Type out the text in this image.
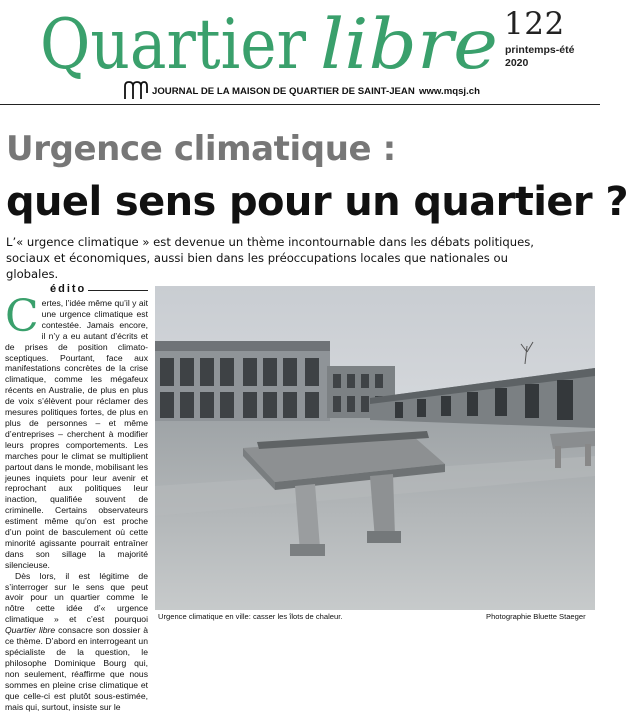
Quartier libre 122
printemps-été
2020
JOURNAL DE LA MAISON DE QUARTIER DE SAINT-JEAN www.mqsj.ch
Urgence climatique :
quel sens pour un quartier ?
L’« urgence climatique » est devenue un thème incontournable dans les débats politiques, sociaux et économiques, aussi bien dans les préoccupations locales que nationales ou globales.
édito

Certes, l’idée même qu’il y ait une urgence climatique est contestée. Jamais encore, il n’y a eu autant d’écrits et de prises de position climato-sceptiques. Pourtant, face aux manifestations concrètes de la crise climatique, comme les mégafeux récents en Australie, de plus en plus de voix s’élèvent pour réclamer des mesures politiques fortes, de plus en plus de personnes – et même d’entreprises – cherchent à modifier leurs propres comportements. Les marches pour le climat se multiplient partout dans le monde, mobilisant les jeunes inquiets pour leur avenir et reprochant aux politiques leur inaction, qualifiée souvent de criminelle. Certains observateurs estiment même qu’on est proche d’un point de basculement où cette minorité agissante pourrait entraîner dans son sillage la majorité silencieuse.

Dès lors, il est légitime de s’interroger sur le sens que peut avoir pour un quartier comme le nôtre cette idée d’« urgence climatique » et c’est pourquoi Quartier libre consacre son dossier à ce thème. D’abord en interrogeant un spécialiste de la question, le philosophe Dominique Bourg qui, non seulement, réaffirme que nous sommes en pleine crise climatique et que celle-ci est plutôt sous-estimée, mais qui, surtout, insiste sur le

Urgence climatique en ville: casser les îlots de chaleur.	Photographie Bluette Staeger
